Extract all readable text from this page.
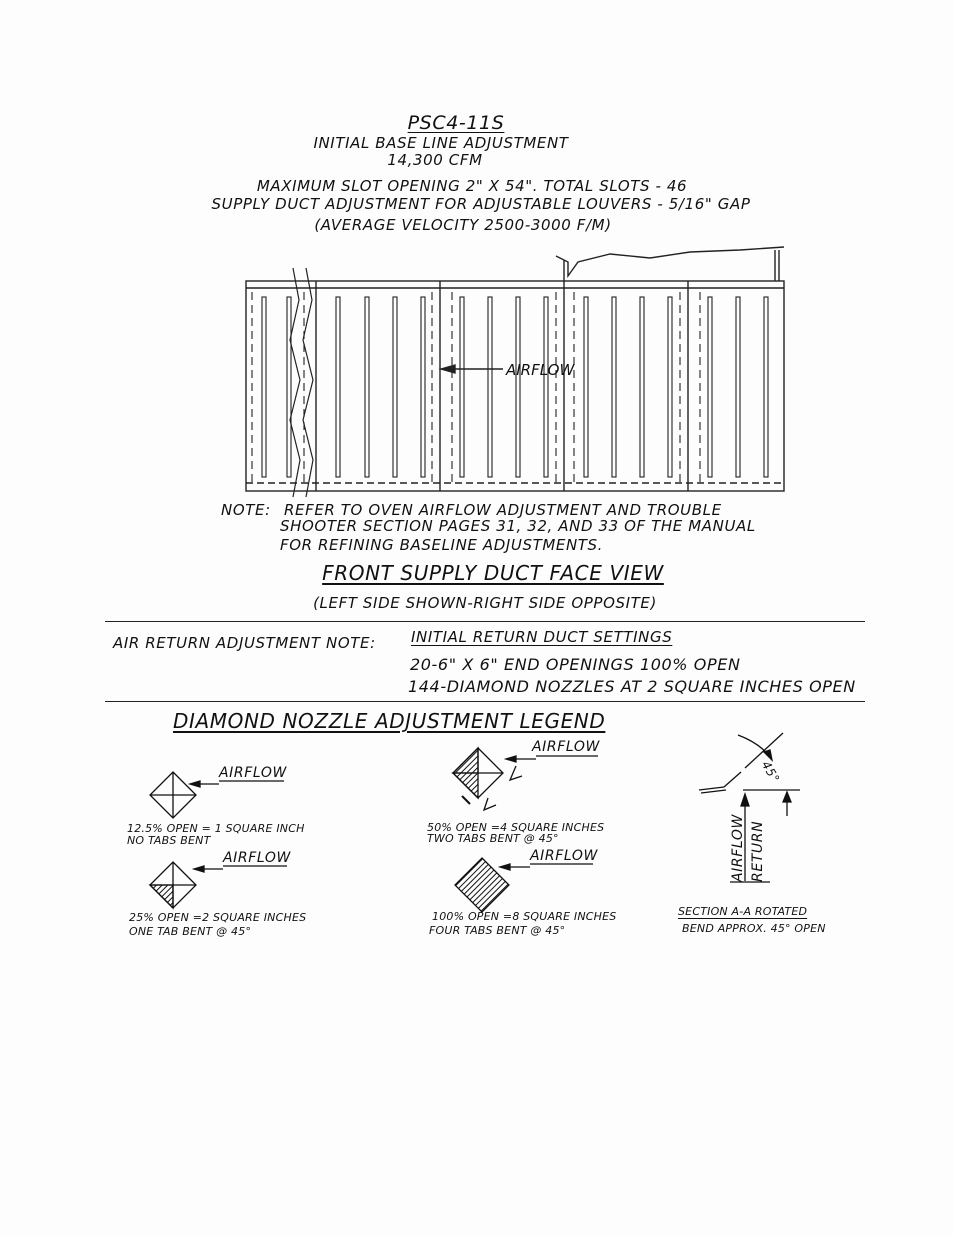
PSC4-11S
INITIAL BASE LINE ADJUSTMENT
14,300 CFM
MAXIMUM SLOT OPENING 2" X 54". TOTAL SLOTS - 46
SUPPLY DUCT ADJUSTMENT FOR ADJUSTABLE LOUVERS - 5/16" GAP
(AVERAGE VELOCITY 2500-3000 F/M)
AIRFLOW
NOTE: REFER TO OVEN AIRFLOW ADJUSTMENT AND TROUBLE
SHOOTER SECTION PAGES 31, 32, AND 33 OF THE MANUAL
FOR REFINING BASELINE ADJUSTMENTS.
FRONT SUPPLY DUCT FACE VIEW
(LEFT SIDE SHOWN-RIGHT SIDE OPPOSITE)
AIR RETURN ADJUSTMENT NOTE: INITIAL RETURN DUCT SETTINGS
20-6" X 6" END OPENINGS 100% OPEN
144-DIAMOND NOZZLES AT 2 SQUARE INCHES OPEN
DIAMOND NOZZLE ADJUSTMENT LEGEND
AIRFLOW
12.5% OPEN = 1 SQUARE INCH
NO TABS BENT
AIRFLOW
25% OPEN =2 SQUARE INCHES
ONE TAB BENT @ 45°
AIRFLOW
50% OPEN =4 SQUARE INCHES
TWO TABS BENT @ 45°
AIRFLOW
100% OPEN =8 SQUARE INCHES
FOUR TABS BENT @ 45°
45°
AIRFLOW RETURN
SECTION A-A ROTATED
BEND APPROX. 45° OPEN
